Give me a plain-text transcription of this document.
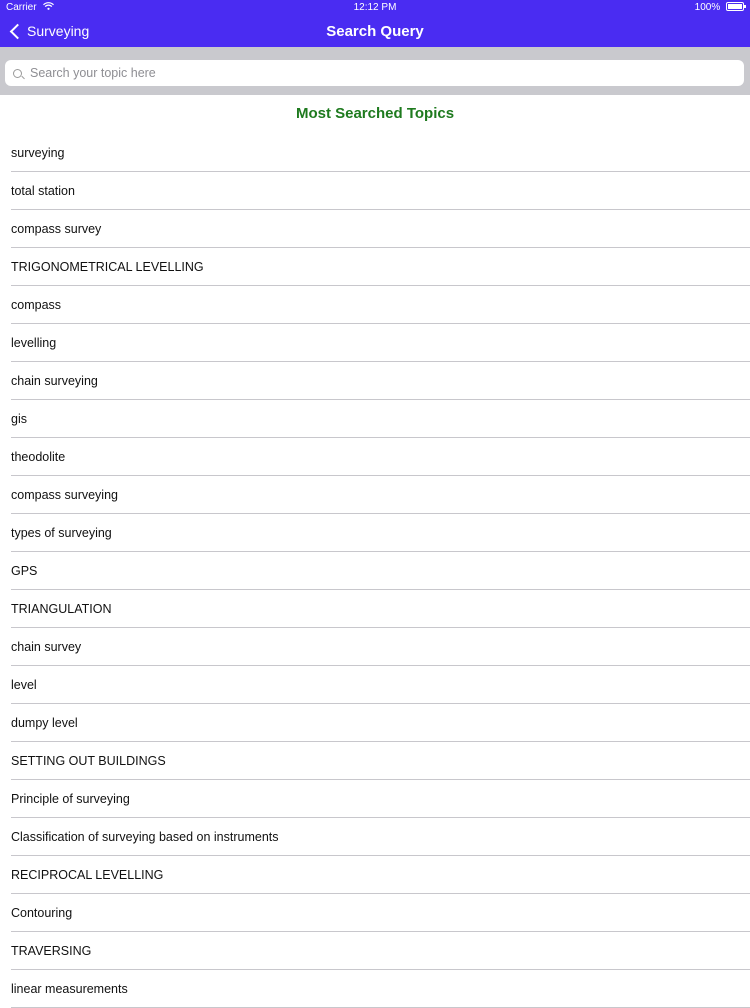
Carrier	12:12 PM	100%
Surveying	Search Query
Search your topic here
Most Searched Topics
surveying
total station
compass survey
TRIGONOMETRICAL LEVELLING
compass
levelling
chain surveying
gis
theodolite
compass surveying
types of surveying
GPS
TRIANGULATION
chain survey
level
dumpy level
SETTING OUT BUILDINGS
Principle of surveying
Classification of surveying based on instruments
RECIPROCAL LEVELLING
Contouring
TRAVERSING
linear measurements
